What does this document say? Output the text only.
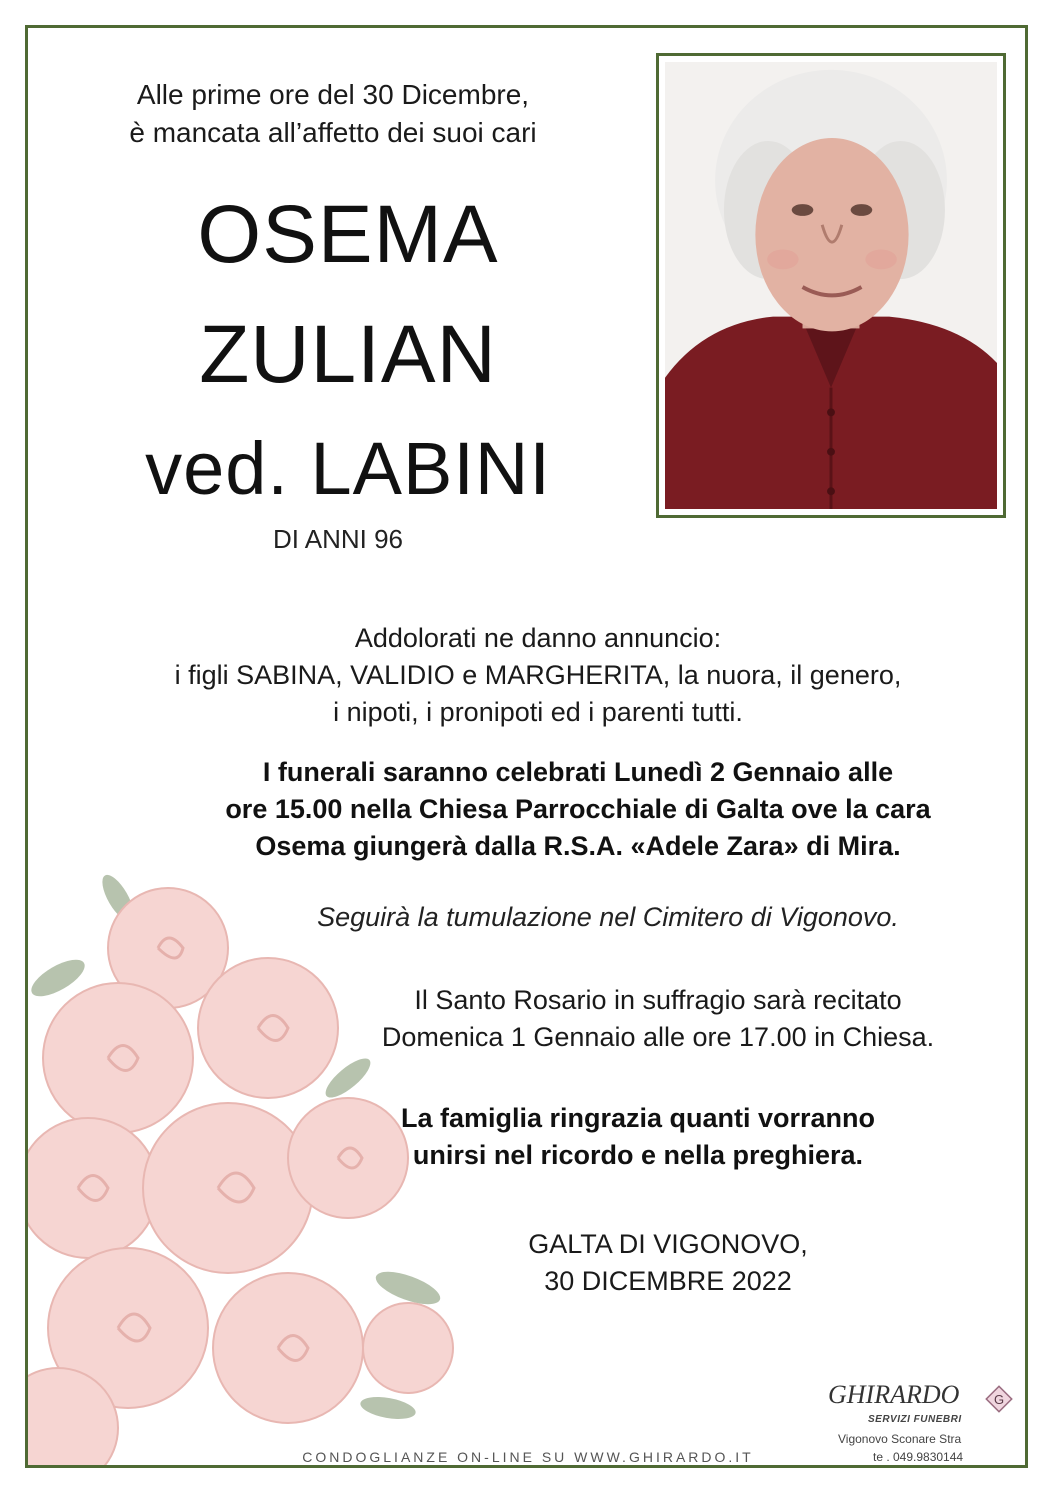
Alle prime ore del 30 Dicembre,
è mancata all’affetto dei suoi cari
OSEMA
ZULIAN
ved. LABINI
DI ANNI 96
Addolorati ne danno annuncio:
i figli SABINA, VALIDIO e MARGHERITA, la nuora, il genero,
i nipoti, i pronipoti ed i parenti tutti.
I funerali saranno celebrati Lunedì 2 Gennaio alle
ore 15.00 nella Chiesa Parrocchiale di Galta ove la cara
Osema giungerà dalla R.S.A. «Adele Zara» di Mira.
Seguirà la tumulazione nel Cimitero di Vigonovo.
Il Santo Rosario in suffragio sarà recitato
Domenica 1 Gennaio alle ore 17.00 in Chiesa.
La famiglia ringrazia quanti vorranno
unirsi nel ricordo e nella preghiera.
GALTA DI VIGONOVO,
30 DICEMBRE 2022
CONDOGLIANZE ON-LINE SU WWW.GHIRARDO.IT
GHIRARDO
SERVIZI FUNEBRI
G
Vigonovo Sconare Stra
te . 049.9830144
